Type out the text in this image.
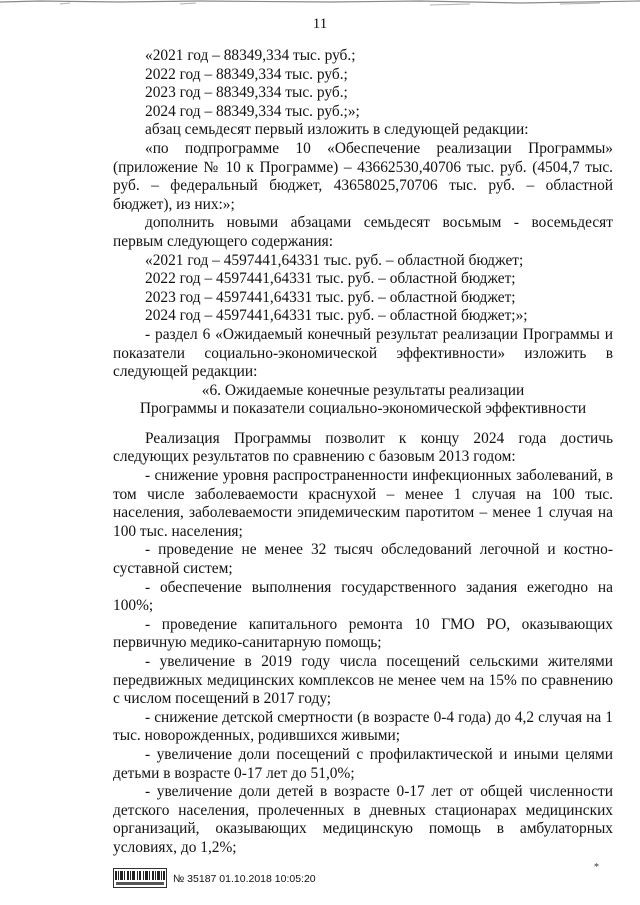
11

«2021 год – 88349,334 тыс. руб.;

2022 год – 88349,334 тыс. руб.;

2023 год – 88349,334 тыс. руб.;

2024 год – 88349,334 тыс. руб.;»;

абзац семьдесят первый изложить в следующей редакции:

«по подпрограмме 10 «Обеспечение реализации Программы» (приложение № 10 к Программе) – 43662530,40706 тыс. руб. (4504,7 тыс. руб. – федеральный бюджет, 43658025,70706 тыс. руб. – областной бюджет), из них:»;

дополнить новыми абзацами семьдесят восьмым - восемьдесят первым следующего содержания:

«2021 год – 4597441,64331 тыс. руб. – областной бюджет;

2022 год – 4597441,64331 тыс. руб. – областной бюджет;

2023 год – 4597441,64331 тыс. руб. – областной бюджет;

2024 год – 4597441,64331 тыс. руб. – областной бюджет;»;

- раздел 6 «Ожидаемый конечный результат реализации Программы и показатели социально-экономической эффективности» изложить в следующей редакции:

«6. Ожидаемые конечные результаты реализации

Программы и показатели социально-экономической эффективности

Реализация Программы позволит к концу 2024 года достичь следующих результатов по сравнению с базовым 2013 годом:

- снижение уровня распространенности инфекционных заболеваний, в том числе заболеваемости краснухой – менее 1 случая на 100 тыс. населения, заболеваемости эпидемическим паротитом – менее 1 случая на 100 тыс. населения;

- проведение не менее 32 тысяч обследований легочной и костно-суставной систем;

- обеспечение выполнения государственного задания ежегодно на 100%;

- проведение капитального ремонта 10 ГМО РО, оказывающих первичную медико-санитарную помощь;

- увеличение в 2019 году числа посещений сельскими жителями передвижных медицинских комплексов не менее чем на 15% по сравнению с числом посещений в 2017 году;

- снижение детской смертности (в возрасте 0-4 года) до 4,2 случая на 1 тыс. новорожденных, родившихся живыми;

- увеличение доли посещений с профилактической и иными целями детьми в возрасте 0-17 лет до 51,0%;

- увеличение доли детей в возрасте 0-17 лет от общей численности детского населения, пролеченных в дневных стационарах медицинских организаций, оказывающих медицинскую помощь в амбулаторных условиях, до 1,2%;

№ 35187 01.10.2018 10:05:20
*
